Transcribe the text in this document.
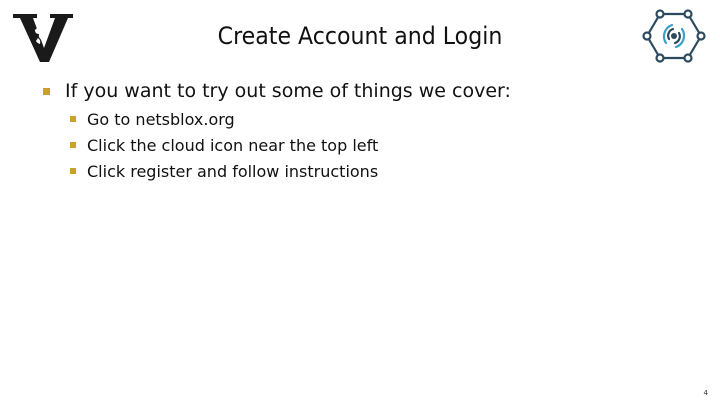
Create Account and Login
If you want to try out some of things we cover:
Go to netsblox.org
Click the cloud icon near the top left
Click register and follow instructions
4
